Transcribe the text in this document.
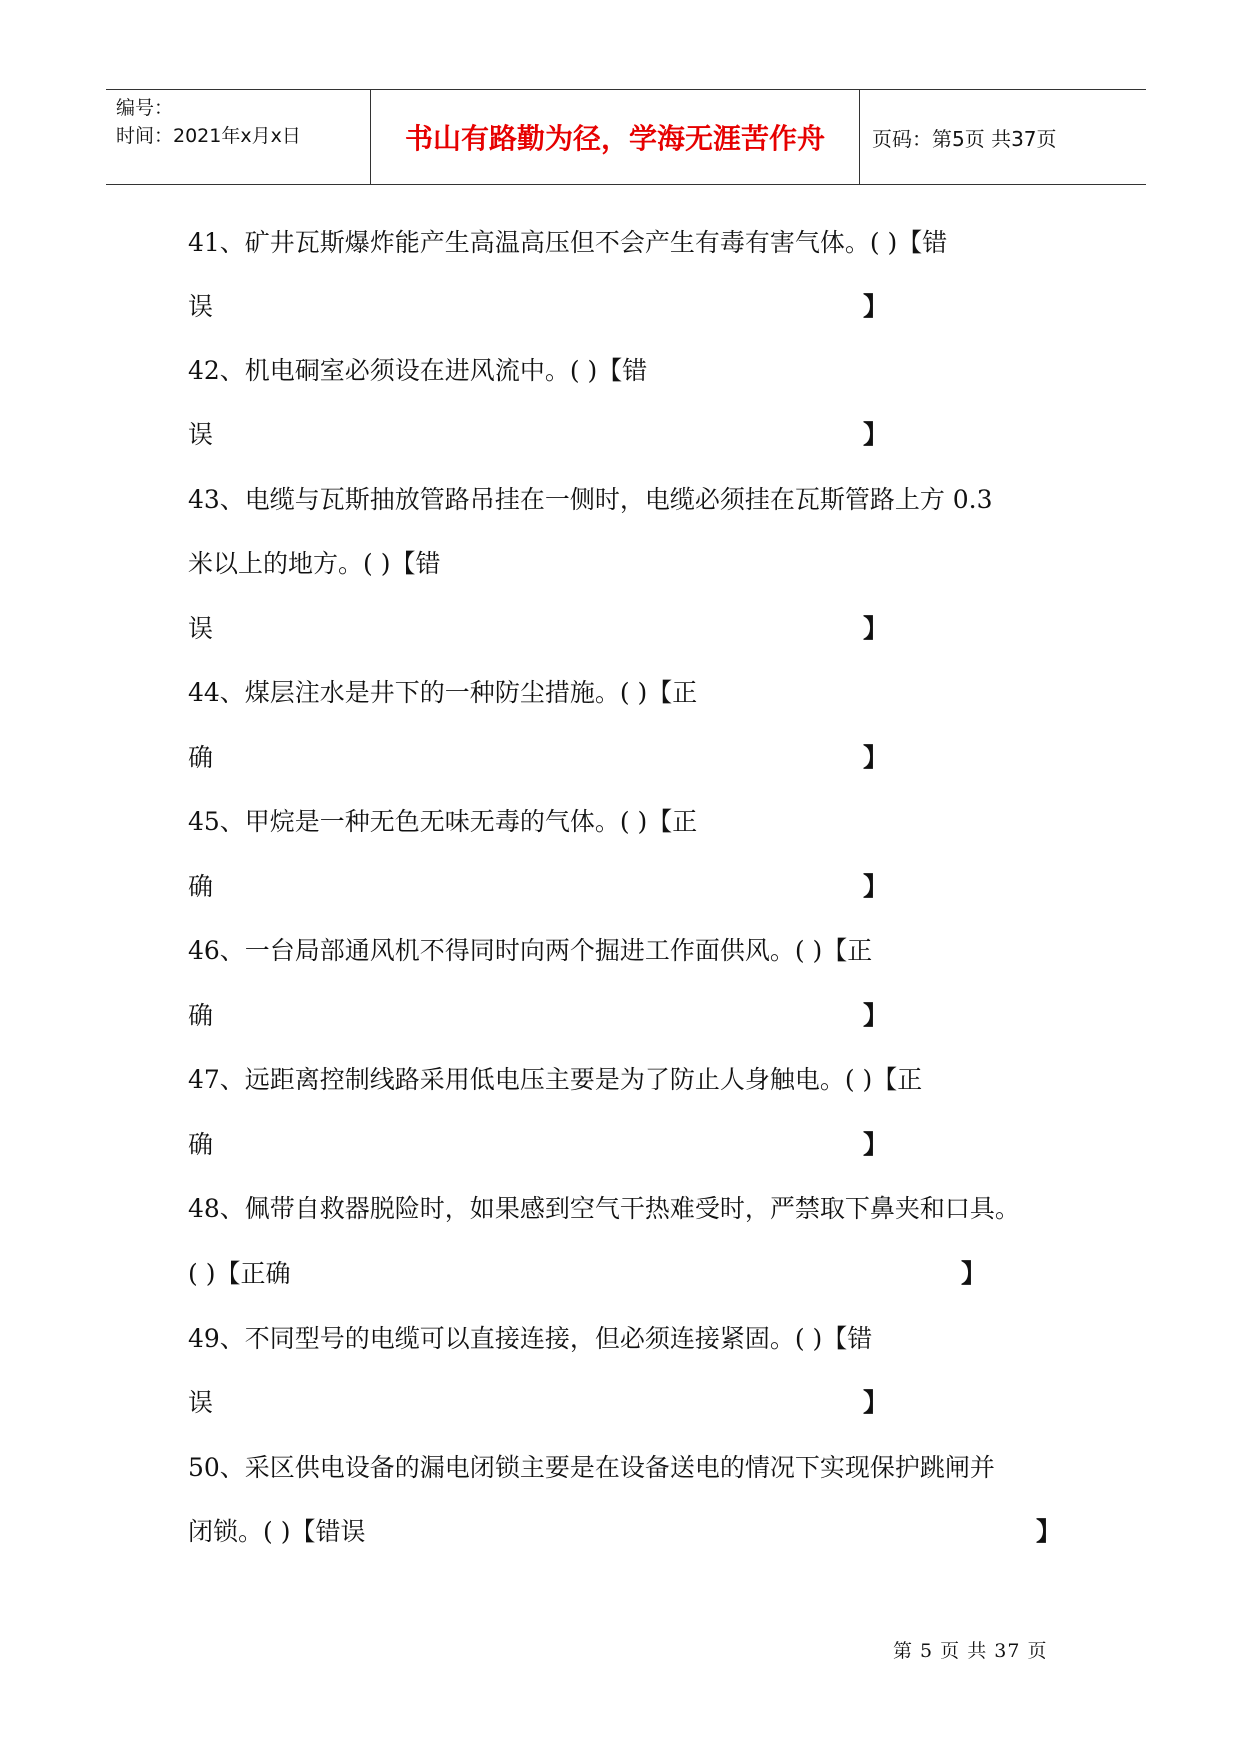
编号：
时间：2021年x月x日	书山有路勤为径，学海无涯苦作舟	页码：第5页 共37页
41、矿井瓦斯爆炸能产生高温高压但不会产生有毒有害气体。( )【错
误	】
42、机电硐室必须设在进风流中。( )【错
误	】
43、电缆与瓦斯抽放管路吊挂在一侧时，电缆必须挂在瓦斯管路上方 0.3
米以上的地方。( )【错
误	】
44、煤层注水是井下的一种防尘措施。( )【正
确	】
45、甲烷是一种无色无味无毒的气体。( )【正
确	】
46、一台局部通风机不得同时向两个掘进工作面供风。( )【正
确	】
47、远距离控制线路采用低电压主要是为了防止人身触电。( )【正
确	】
48、佩带自救器脱险时，如果感到空气干热难受时，严禁取下鼻夹和口具。
( )【正确	】
49、不同型号的电缆可以直接连接，但必须连接紧固。( )【错
误	】
50、采区供电设备的漏电闭锁主要是在设备送电的情况下实现保护跳闸并
闭锁。( )【错误	】
第 5 页 共 37 页
